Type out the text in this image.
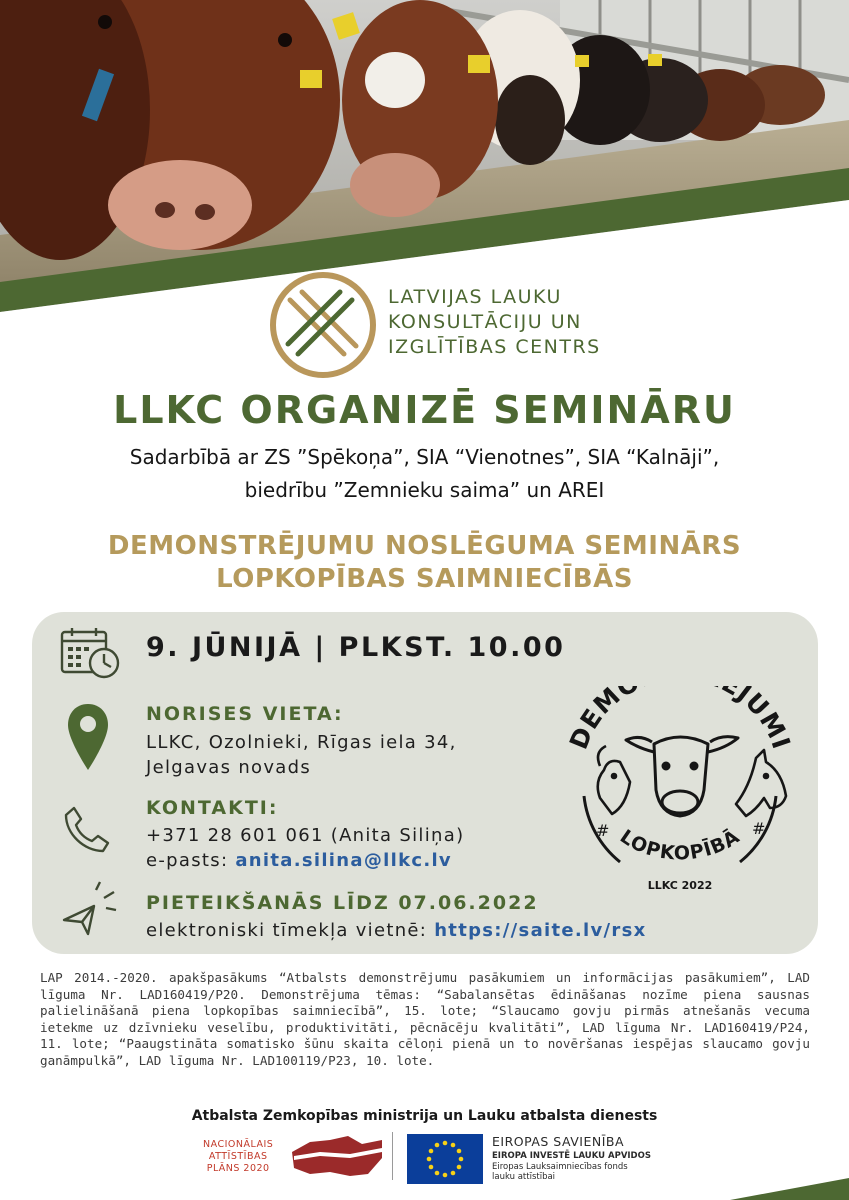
LATVIJAS LAUKU
KONSULTĀCIJU UN
IZGLĪTĪBAS CENTRS
LLKC ORGANIZĒ SEMINĀRU
Sadarbībā ar ZS ”Spēkoņa”, SIA “Vienotnes”, SIA “Kalnāji”,
biedrību ”Zemnieku saima” un AREI
DEMONSTRĒJUMU NOSLĒGUMA SEMINĀRS
LOPKOPĪBAS SAIMNIECĪBĀS
9. JŪNIJĀ | PLKST. 10.00
NORISES VIETA:
LLKC, Ozolnieki, Rīgas iela 34,
Jelgavas novads
KONTAKTI:
+371 28 601 061 (Anita Siliņa)
e-pasts: anita.silina@llkc.lv
PIETEIKŠANĀS LĪDZ 07.06.2022
elektroniski tīmekļa vietnē: https://saite.lv/rsx
DEM JUMI
#	#
LOPKOPĪBĀ
LLKC 2022
LAP 2014.-2020. apakšpasākums “Atbalsts demonstrējumu pasākumiem un informācijas pasākumiem”, LAD līguma Nr. LAD160419/P20. Demonstrējuma tēmas: “Sabalansētas ēdināšanas nozīme piena sausnas palielināšanā piena lopkopības saimniecībā”, 15. lote; “Slaucamo govju pirmās atnešanās vecuma ietekme uz dzīvnieku veselību, produktivitāti, pēcnācēju kvalitāti”, LAD līguma Nr. LAD160419/P24, 11. lote; “Paaugstināta somatisko šūnu skaita cēloņi pienā un to novēršanas iespējas slaucamo govju ganāmpulkā”, LAD līguma Nr. LAD100119/P23, 10. lote.
Atbalsta Zemkopības ministrija un Lauku atbalsta dienests
NACIONĀLAIS
ATTĪSTĪBAS
PLĀNS 2020
EIROPAS SAVIENĪBA
EIROPA INVESTĒ LAUKU APVIDOS
Eiropas Lauksaimniecības fonds
lauku attīstībai
